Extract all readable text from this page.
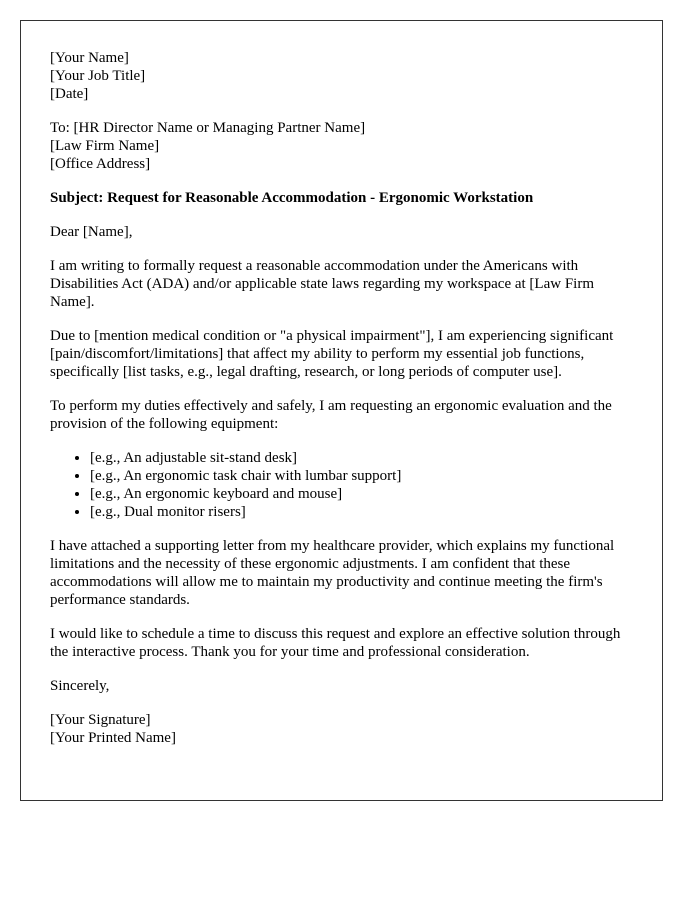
[Your Name]
[Your Job Title]
[Date]

To: [HR Director Name or Managing Partner Name]
[Law Firm Name]
[Office Address]

Subject: Request for Reasonable Accommodation - Ergonomic Workstation

Dear [Name],

I am writing to formally request a reasonable accommodation under the Americans with Disabilities Act (ADA) and/or applicable state laws regarding my workspace at [Law Firm Name].

Due to [mention medical condition or "a physical impairment"], I am experiencing significant [pain/discomfort/limitations] that affect my ability to perform my essential job functions, specifically [list tasks, e.g., legal drafting, research, or long periods of computer use].

To perform my duties effectively and safely, I am requesting an ergonomic evaluation and the provision of the following equipment:

• [e.g., An adjustable sit-stand desk]
• [e.g., An ergonomic task chair with lumbar support]
• [e.g., An ergonomic keyboard and mouse]
• [e.g., Dual monitor risers]

I have attached a supporting letter from my healthcare provider, which explains my functional limitations and the necessity of these ergonomic adjustments. I am confident that these accommodations will allow me to maintain my productivity and continue meeting the firm's performance standards.

I would like to schedule a time to discuss this request and explore an effective solution through the interactive process. Thank you for your time and professional consideration.

Sincerely,

[Your Signature]
[Your Printed Name]
